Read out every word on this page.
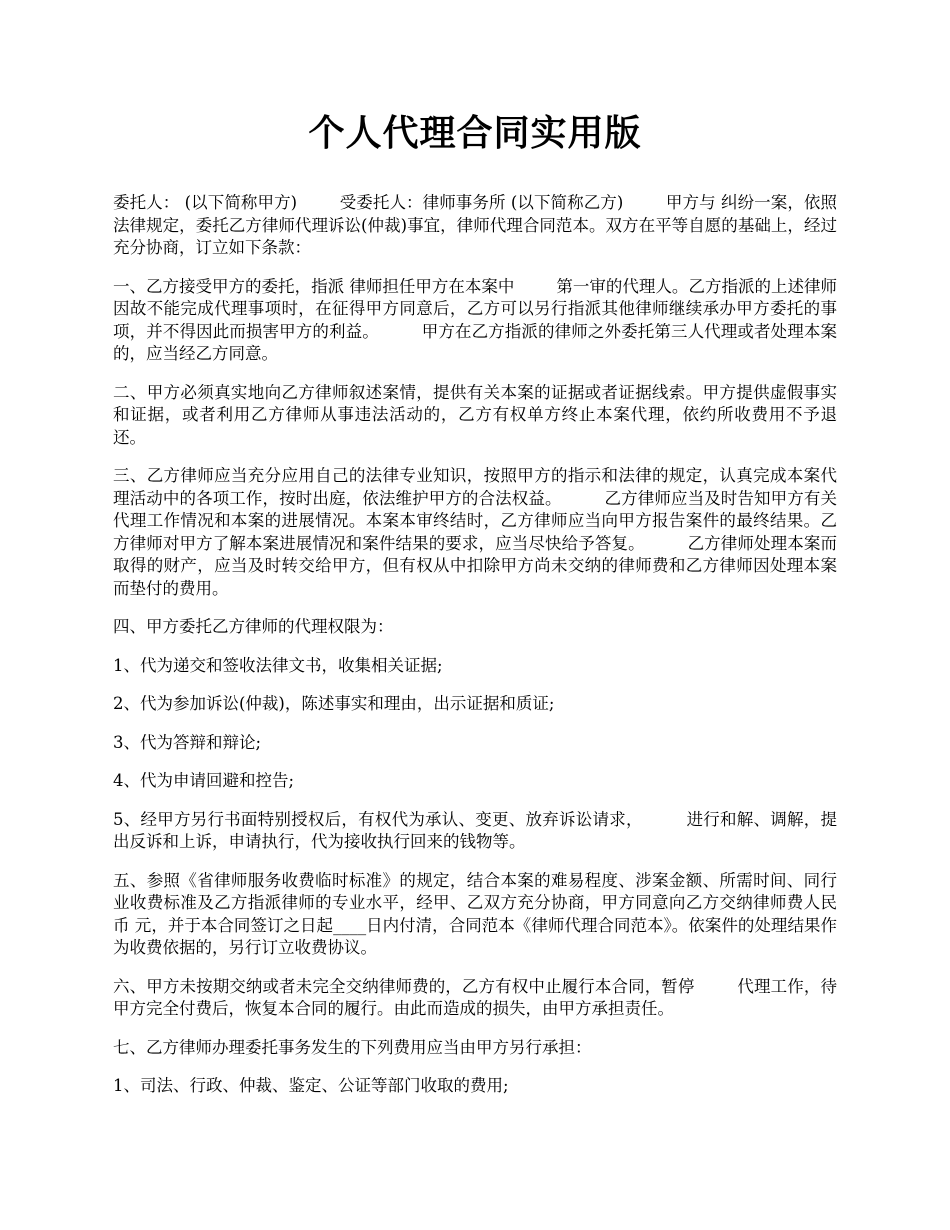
个人代理合同实用版

委托人： (以下简称甲方)        受委托人：律师事务所 (以下简称乙方)        甲方与 纠纷一案，依照法律规定，委托乙方律师代理诉讼(仲裁)事宜，律师代理合同范本。双方在平等自愿的基础上，经过充分协商，订立如下条款：

一、乙方接受甲方的委托，指派 律师担任甲方在本案中        第一审的代理人。乙方指派的上述律师因故不能完成代理事项时，在征得甲方同意后，乙方可以另行指派其他律师继续承办甲方委托的事项，并不得因此而损害甲方的利益。        甲方在乙方指派的律师之外委托第三人代理或者处理本案的，应当经乙方同意。

二、甲方必须真实地向乙方律师叙述案情，提供有关本案的证据或者证据线索。甲方提供虚假事实和证据，或者利用乙方律师从事违法活动的，乙方有权单方终止本案代理，依约所收费用不予退还。

三、乙方律师应当充分应用自己的法律专业知识，按照甲方的指示和法律的规定，认真完成本案代理活动中的各项工作，按时出庭，依法维护甲方的合法权益。        乙方律师应当及时告知甲方有关代理工作情况和本案的进展情况。本案本审终结时，乙方律师应当向甲方报告案件的最终结果。乙方律师对甲方了解本案进展情况和案件结果的要求，应当尽快给予答复。        乙方律师处理本案而取得的财产，应当及时转交给甲方，但有权从中扣除甲方尚未交纳的律师费和乙方律师因处理本案而垫付的费用。

四、甲方委托乙方律师的代理权限为：

1、代为递交和签收法律文书，收集相关证据;

2、代为参加诉讼(仲裁)，陈述事实和理由，出示证据和质证;

3、代为答辩和辩论;

4、代为申请回避和控告;

5、经甲方另行书面特别授权后，有权代为承认、变更、放弃诉讼请求，        进行和解、调解，提出反诉和上诉，申请执行，代为接收执行回来的钱物等。

五、参照《省律师服务收费临时标准》的规定，结合本案的难易程度、涉案金额、所需时间、同行业收费标准及乙方指派律师的专业水平，经甲、乙双方充分协商，甲方同意向乙方交纳律师费人民币 元，并于本合同签订之日起____日内付清，合同范本《律师代理合同范本》。依案件的处理结果作为收费依据的，另行订立收费协议。

六、甲方未按期交纳或者未完全交纳律师费的，乙方有权中止履行本合同，暂停        代理工作，待甲方完全付费后，恢复本合同的履行。由此而造成的损失，由甲方承担责任。

七、乙方律师办理委托事务发生的下列费用应当由甲方另行承担：

1、司法、行政、仲裁、鉴定、公证等部门收取的费用;
